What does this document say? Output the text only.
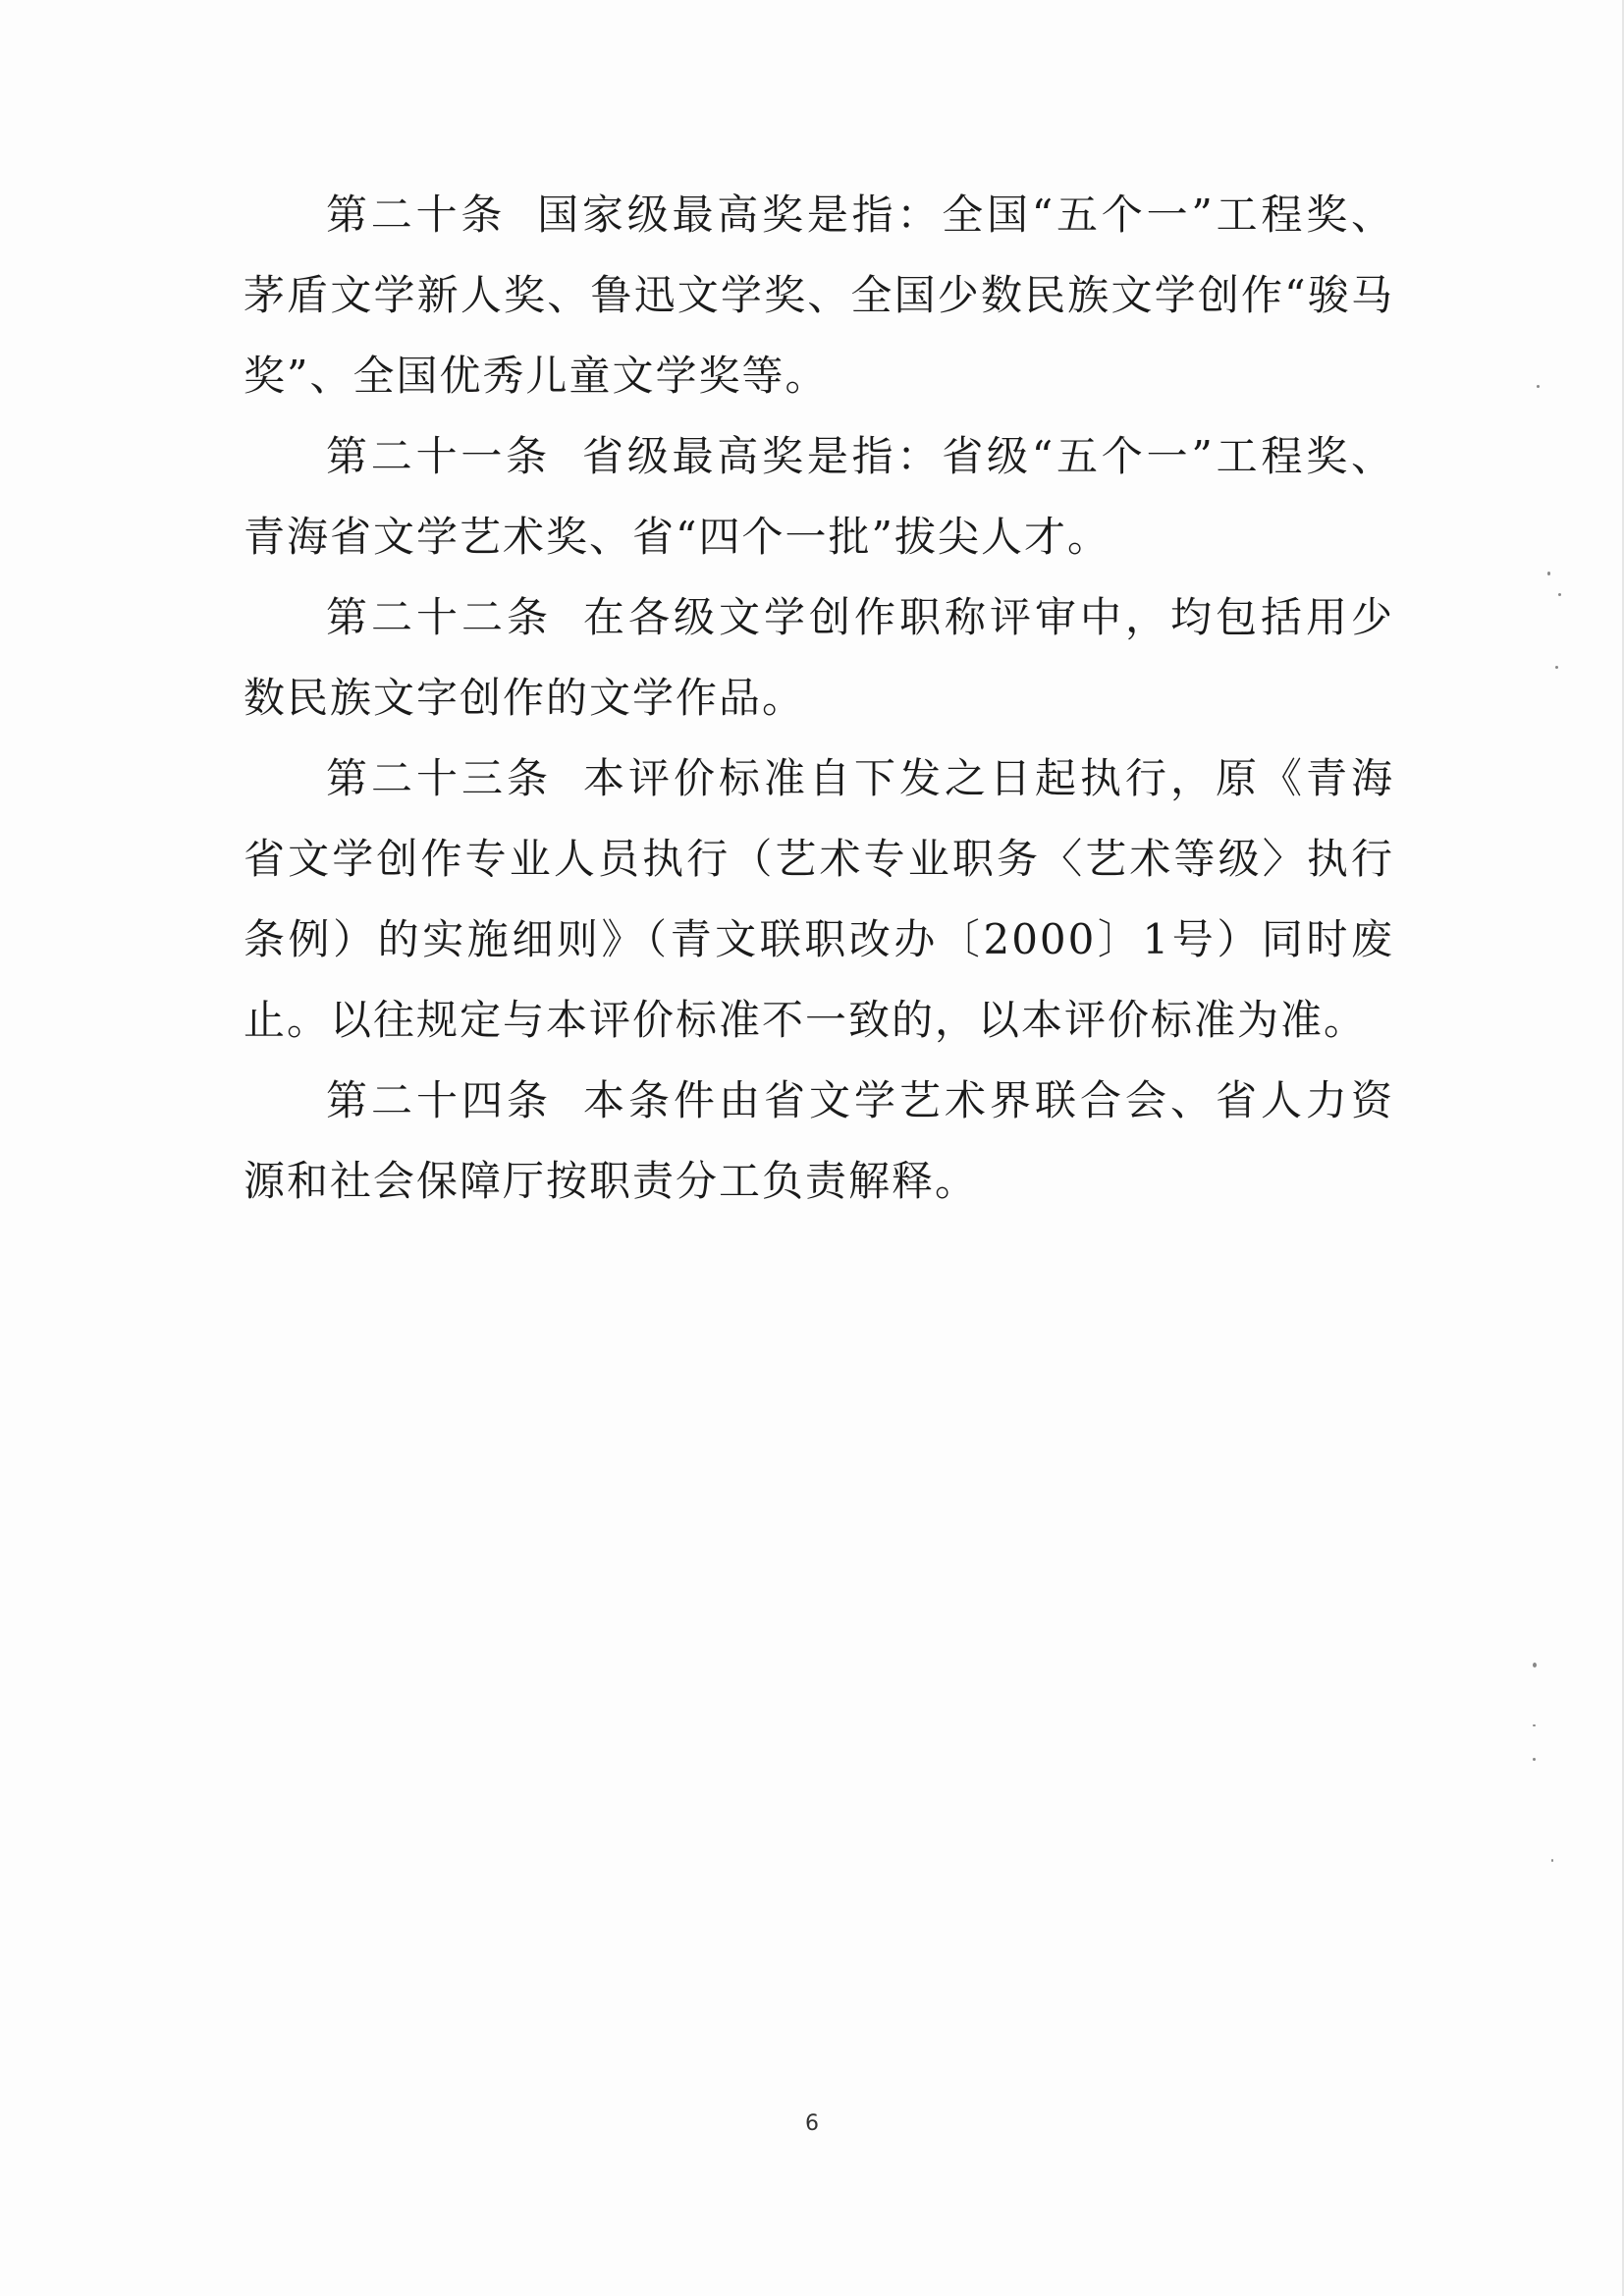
第二十条 国家级最高奖是指：全国“五个一”工程奖、茅盾文学新人奖、鲁迅文学奖、全国少数民族文学创作“骏马奖”、全国优秀儿童文学奖等。

第二十一条 省级最高奖是指：省级“五个一”工程奖、青海省文学艺术奖、省“四个一批”拔尖人才。

第二十二条 在各级文学创作职称评审中，均包括用少数民族文字创作的文学作品。

第二十三条 本评价标准自下发之日起执行，原《青海省文学创作专业人员执行（艺术专业职务〈艺术等级〉执行条例）的实施细则》（青文联职改办〔2000〕1号）同时废止。以往规定与本评价标准不一致的，以本评价标准为准。

第二十四条 本条件由省文学艺术界联合会、省人力资源和社会保障厅按职责分工负责解释。

6
